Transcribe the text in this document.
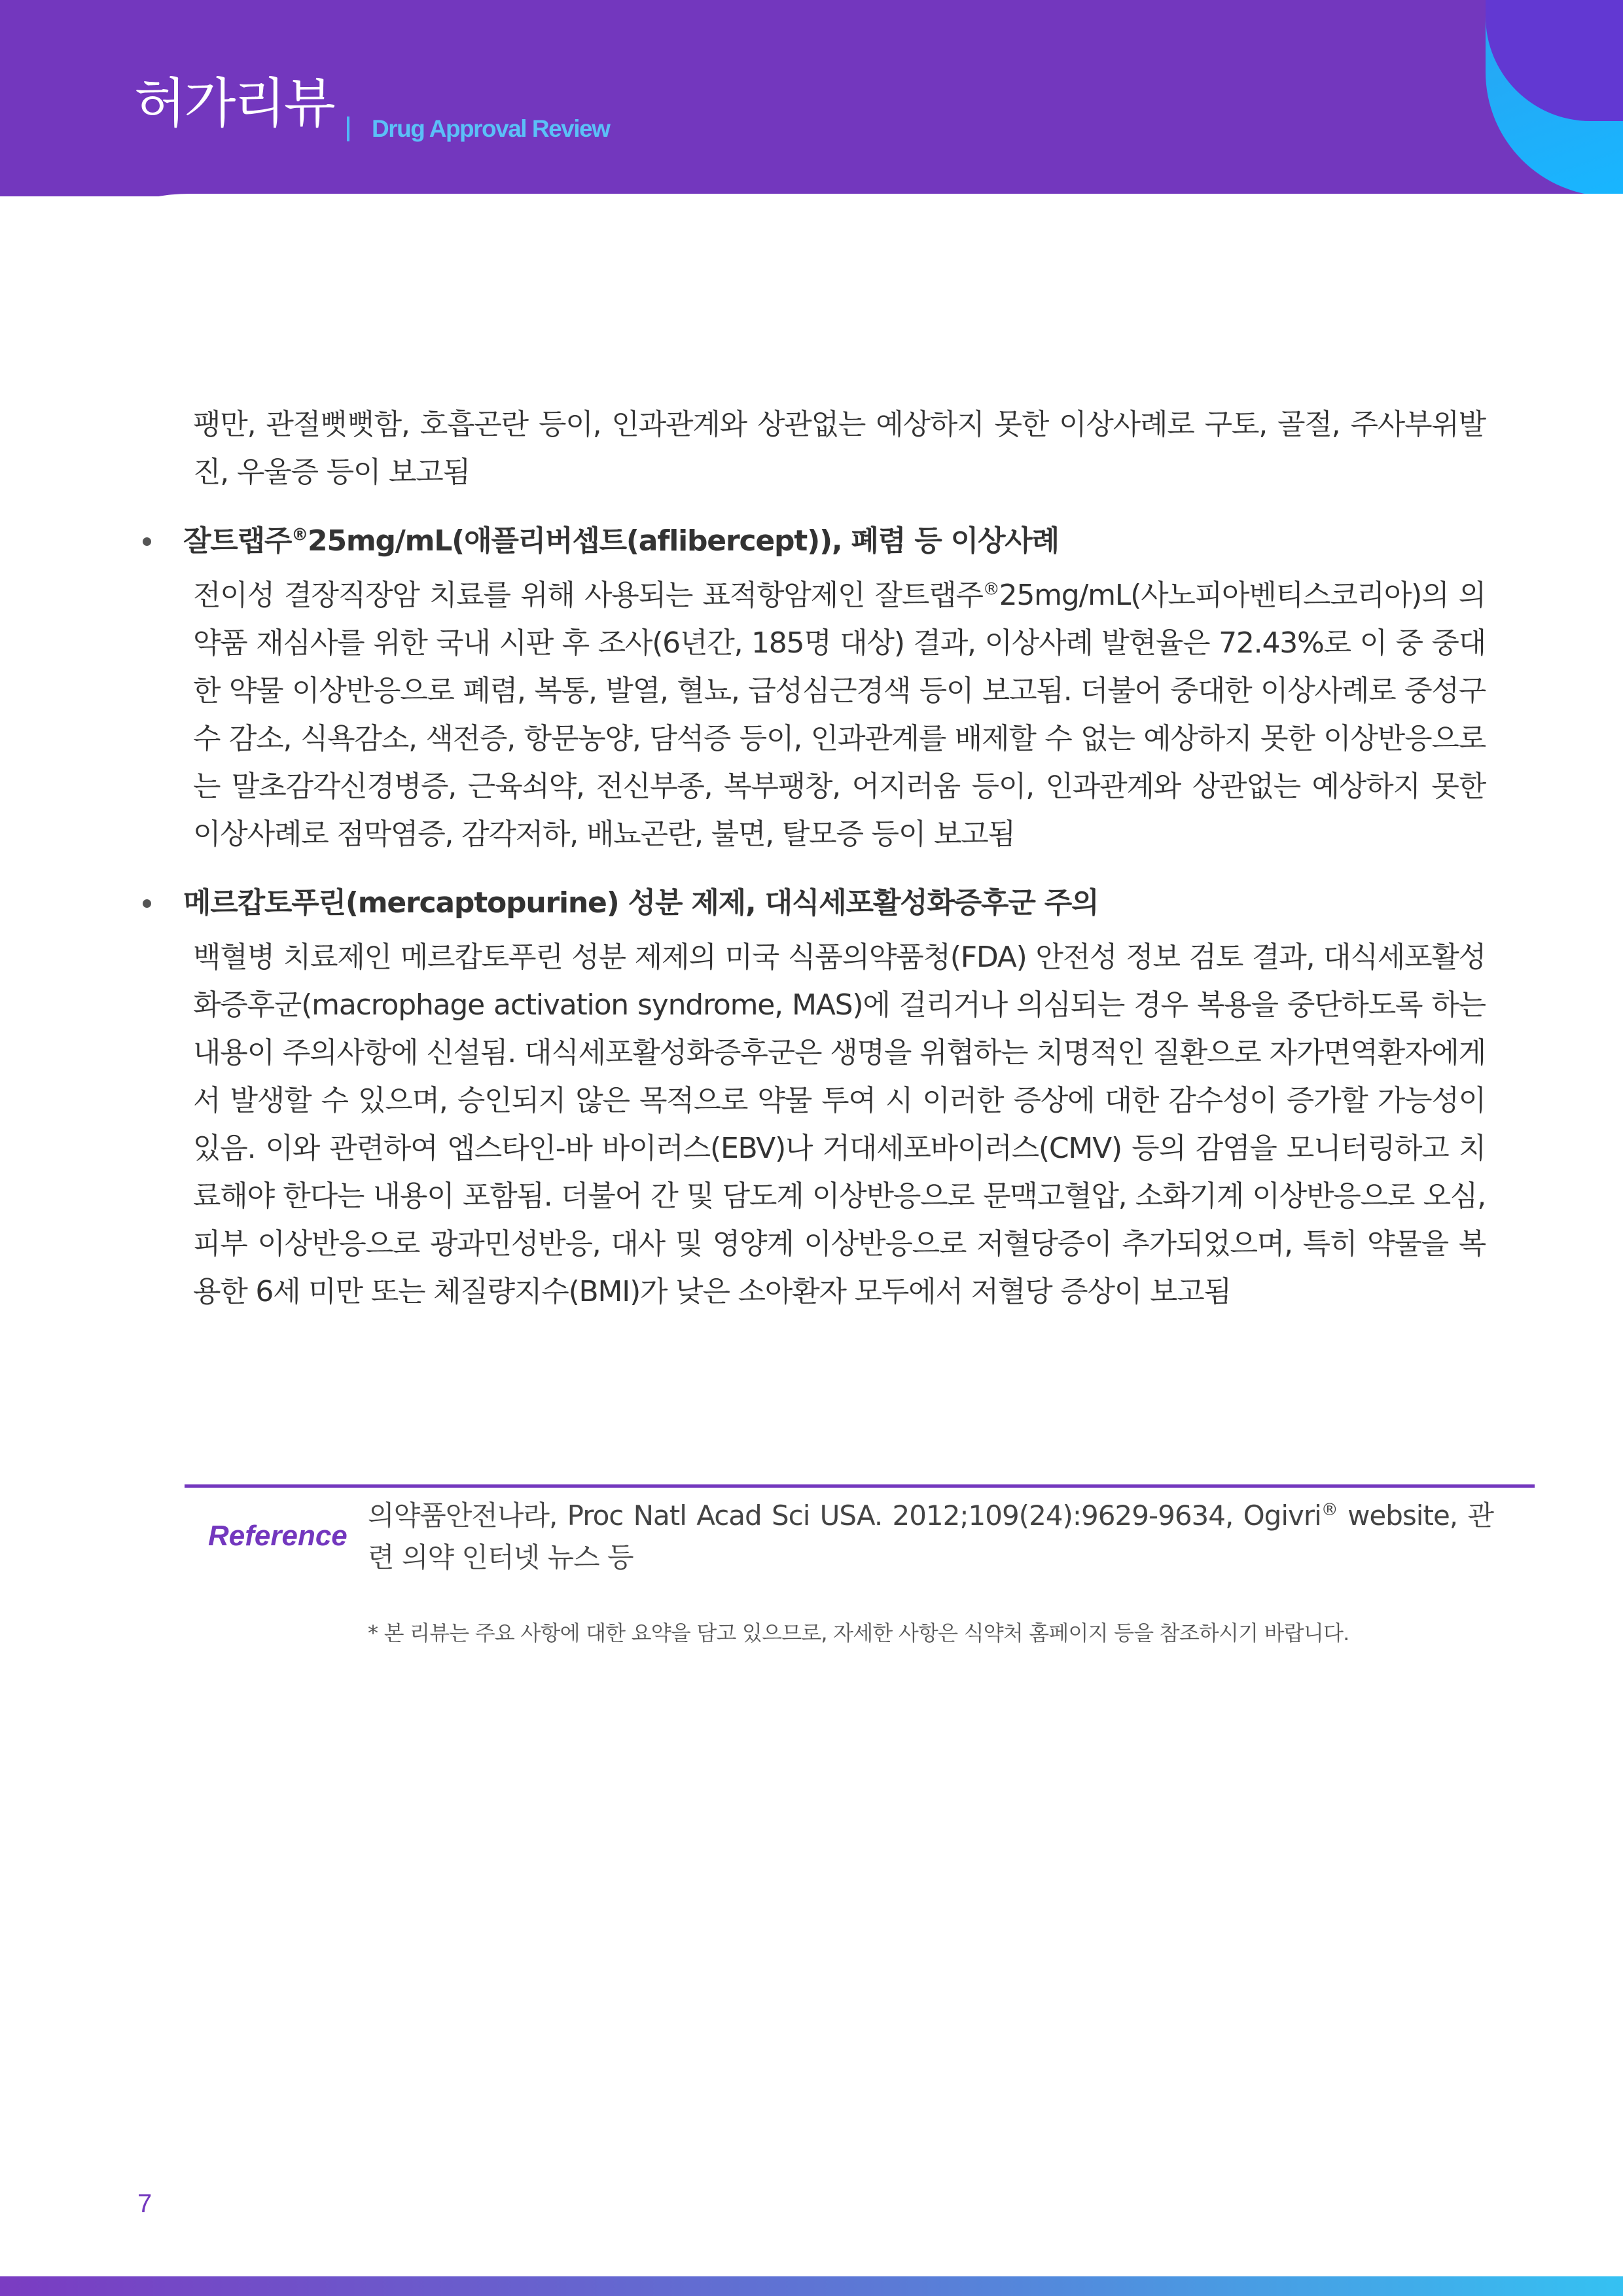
허가리뷰 Drug Approval Review

팽만, 관절뻣뻣함, 호흡곤란 등이, 인과관계와 상관없는 예상하지 못한 이상사례로 구토, 골절, 주사부위발진, 우울증 등이 보고됨

잘트랩주®25mg/mL(애플리버셉트(aflibercept)), 폐렴 등 이상사례

전이성 결장직장암 치료를 위해 사용되는 표적항암제인 잘트랩주®25mg/mL(사노피아벤티스코리아)의 의약품 재심사를 위한 국내 시판 후 조사(6년간, 185명 대상) 결과, 이상사례 발현율은 72.43%로 이 중 중대한 약물 이상반응으로 폐렴, 복통, 발열, 혈뇨, 급성심근경색 등이 보고됨. 더불어 중대한 이상사례로 중성구 수 감소, 식욕감소, 색전증, 항문농양, 담석증 등이, 인과관계를 배제할 수 없는 예상하지 못한 이상반응으로는 말초감각신경병증, 근육쇠약, 전신부종, 복부팽창, 어지러움 등이, 인과관계와 상관없는 예상하지 못한 이상사례로 점막염증, 감각저하, 배뇨곤란, 불면, 탈모증 등이 보고됨

메르캅토푸린(mercaptopurine) 성분 제제, 대식세포활성화증후군 주의

백혈병 치료제인 메르캅토푸린 성분 제제의 미국 식품의약품청(FDA) 안전성 정보 검토 결과, 대식세포활성화증후군(macrophage activation syndrome, MAS)에 걸리거나 의심되는 경우 복용을 중단하도록 하는 내용이 주의사항에 신설됨. 대식세포활성화증후군은 생명을 위협하는 치명적인 질환으로 자가면역환자에게서 발생할 수 있으며, 승인되지 않은 목적으로 약물 투여 시 이러한 증상에 대한 감수성이 증가할 가능성이 있음. 이와 관련하여 엡스타인-바 바이러스(EBV)나 거대세포바이러스(CMV) 등의 감염을 모니터링하고 치료해야 한다는 내용이 포함됨. 더불어 간 및 담도계 이상반응으로 문맥고혈압, 소화기계 이상반응으로 오심, 피부 이상반응으로 광과민성반응, 대사 및 영양계 이상반응으로 저혈당증이 추가되었으며, 특히 약물을 복용한 6세 미만 또는 체질량지수(BMI)가 낮은 소아환자 모두에서 저혈당 증상이 보고됨

Reference
의약품안전나라, Proc Natl Acad Sci USA. 2012;109(24):9629-9634, Ogivri® website, 관련 의약 인터넷 뉴스 등
* 본 리뷰는 주요 사항에 대한 요약을 담고 있으므로, 자세한 사항은 식약처 홈페이지 등을 참조하시기 바랍니다.
7
